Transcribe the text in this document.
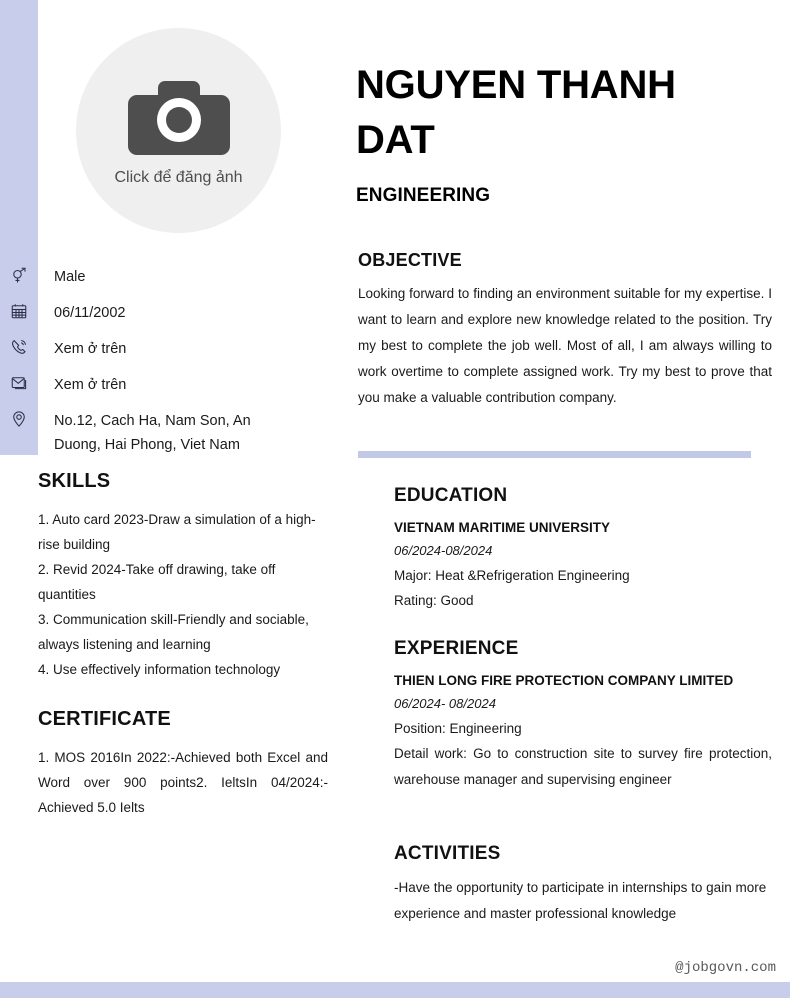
Click để đăng ảnh
Male
06/11/2002
Xem ở trên
Xem ở trên
No.12, Cach Ha, Nam Son, An Duong, Hai Phong, Viet Nam
SKILLS

1. Auto card 2023-Draw a simulation of a high-rise building

2. Revid 2024-Take off drawing, take off quantities

3. Communication skill-Friendly and sociable, always listening and learning

4. Use effectively information technology

CERTIFICATE
1. MOS 2016In 2022:-Achieved both Excel and Word over 900 points2. IeltsIn 04/2024:-Achieved 5.0 Ielts
NGUYEN THANH DAT
ENGINEERING
OBJECTIVE
Looking forward to finding an environment suitable for my expertise. I want to learn and explore new knowledge related to the position. Try my best to complete the job well. Most of all, I am always willing to work overtime to complete assigned work. Try my best to prove that you make a valuable contribution company.
EDUCATION
VIETNAM MARITIME UNIVERSITY
06/2024-08/2024
Major: Heat &Refrigeration Engineering
Rating: Good
EXPERIENCE
THIEN LONG FIRE PROTECTION COMPANY LIMITED
06/2024- 08/2024
Position: Engineering
Detail work: Go to construction site to survey fire protection, warehouse manager and supervising engineer
ACTIVITIES
-Have the opportunity to participate in internships to gain more experience and master professional knowledge
@jobgovn.com
